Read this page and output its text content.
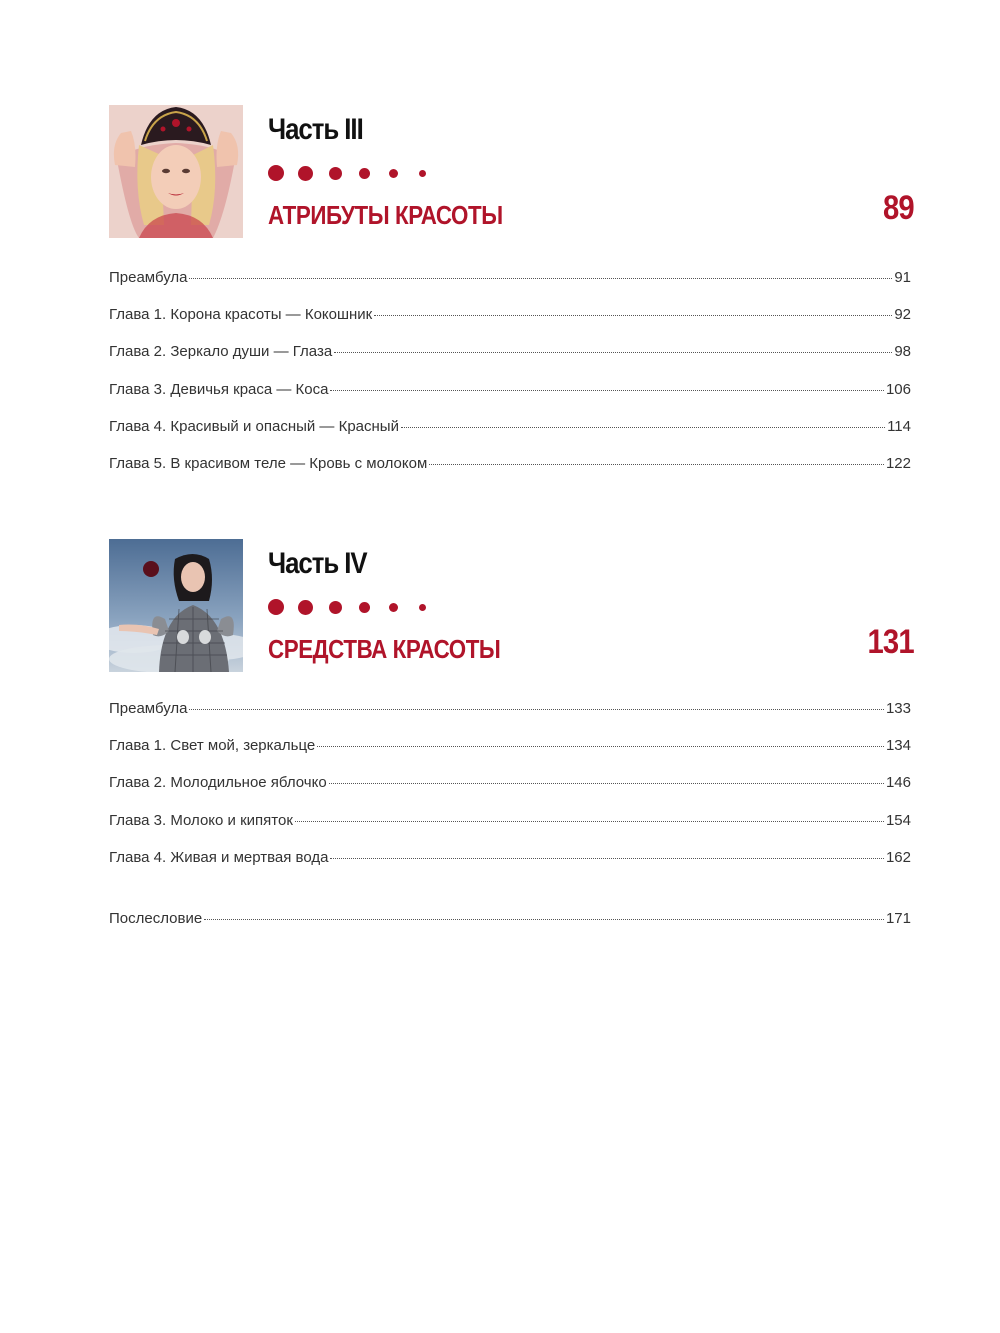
Часть III
АТРИБУТЫ КРАСОТЫ	89
Преамбула	91
Глава 1. Корона красоты — Кокошник	92
Глава 2. Зеркало души — Глаза	98
Глава 3. Девичья краса — Коса	106
Глава 4. Красивый и опасный — Красный	114
Глава 5. В красивом теле — Кровь с молоком	122
Часть IV
СРЕДСТВА КРАСОТЫ	131
Преамбула	133
Глава 1. Свет мой, зеркальце	134
Глава 2. Молодильное яблочко	146
Глава 3. Молоко и кипяток	154
Глава 4. Живая и мертвая вода	162
Послесловие	171
